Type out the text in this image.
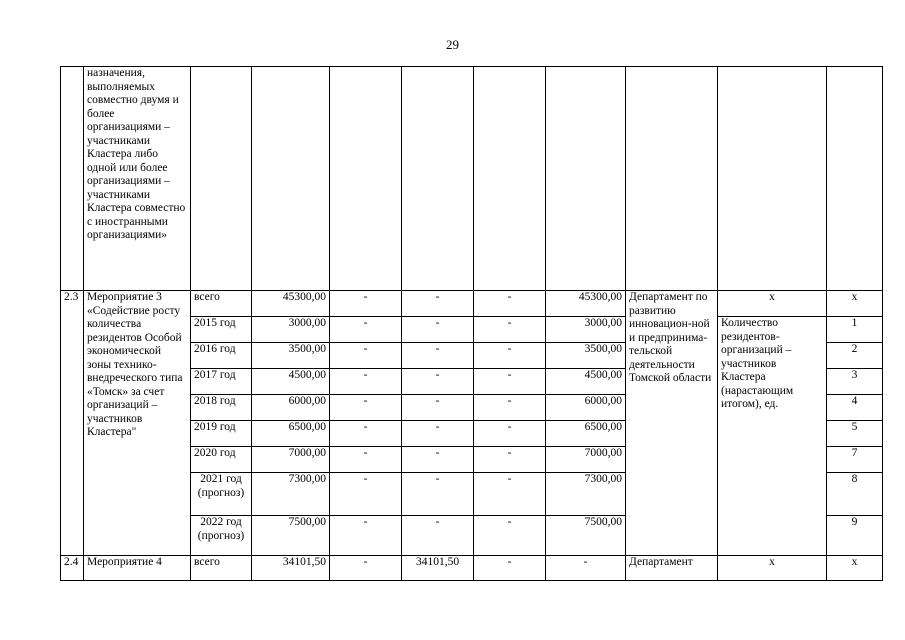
29
	назначения, выполняемых совместно двумя и более организациями – участниками Кластера либо одной или более организациями – участниками Кластера совместно с иностранными организациями»									
2.3	Мероприятие 3 «Содействие росту количества резидентов Особой экономической зоны технико-внедреческого типа «Томск» за счет организаций – участников Кластера"	всего	45300,00	-	-	-	45300,00	Департамент по развитию инновацион-ной и предпринима-тельской деятельности Томской области	х	х
		2015 год	3000,00	-	-	-	3000,00		Количество резидентов-организаций – участников Кластера (нарастающим итогом), ед.	1
		2016 год	3500,00	-	-	-	3500,00			2
		2017 год	4500,00	-	-	-	4500,00			3
		2018 год	6000,00	-	-	-	6000,00			4
		2019 год	6500,00	-	-	-	6500,00			5
		2020 год	7000,00	-	-	-	7000,00			7
		2021 год (прогноз)	7300,00	-	-	-	7300,00			8
		2022 год (прогноз)	7500,00	-	-	-	7500,00			9
2.4	Мероприятие 4	всего	34101,50	-	34101,50	-	-	Департамент	х	х
